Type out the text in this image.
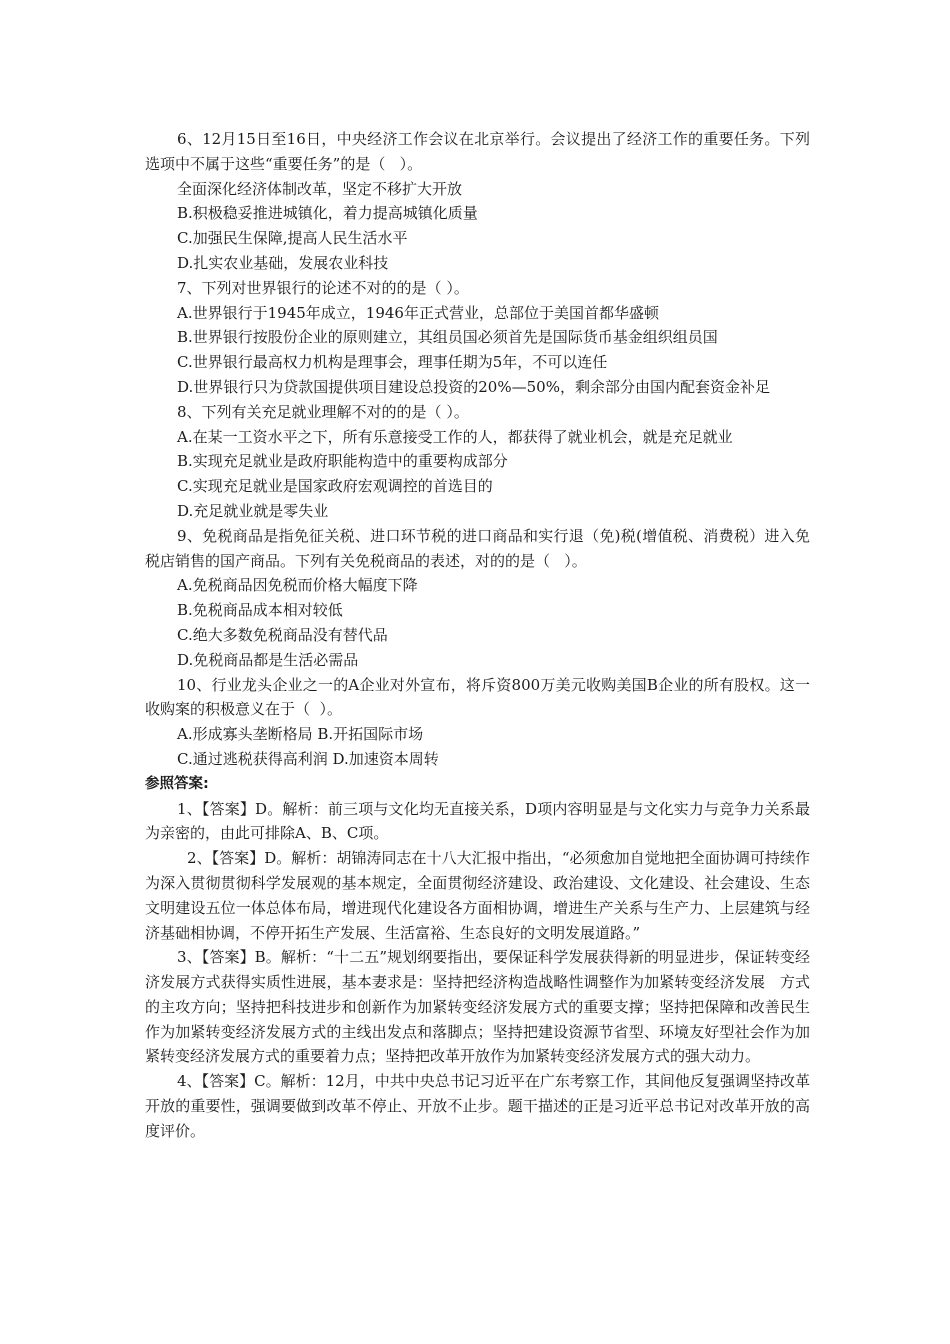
6、12月15日至16日，中央经济工作会议在北京举行。会议提出了经济工作的重要任务。下列选项中不属于这些“重要任务”的是（   ）。

全面深化经济体制改革，坚定不移扩大开放

B.积极稳妥推进城镇化，着力提高城镇化质量

C.加强民生保障,提高人民生活水平

D.扎实农业基础，发展农业科技

7、下列对世界银行的论述不对的的是（ ）。

A.世界银行于1945年成立，1946年正式营业，总部位于美国首都华盛顿

B.世界银行按股份企业的原则建立，其组员国必须首先是国际货币基金组织组员国

C.世界银行最高权力机构是理事会，理事任期为5年，不可以连任

D.世界银行只为贷款国提供项目建设总投资的20%—50%，剩余部分由国内配套资金补足

8、下列有关充足就业理解不对的的是（ ）。

A.在某一工资水平之下，所有乐意接受工作的人，都获得了就业机会，就是充足就业

B.实现充足就业是政府职能构造中的重要构成部分

C.实现充足就业是国家政府宏观调控的首选目的

D.充足就业就是零失业

9、免税商品是指免征关税、进口环节税的进口商品和实行退（免)税(增值税、消费税）进入免税店销售的国产商品。下列有关免税商品的表述，对的的是（   ）。

A.免税商品因免税而价格大幅度下降

B.免税商品成本相对较低

C.绝大多数免税商品没有替代品

D.免税商品都是生活必需品

10、行业龙头企业之一的A企业对外宣布，将斥资800万美元收购美国B企业的所有股权。这一收购案的积极意义在于（  ）。

A.形成寡头垄断格局 B.开拓国际市场

C.通过逃税获得高利润 D.加速资本周转

参照答案:

1、【答案】D。解析：前三项与文化均无直接关系，D项内容明显是与文化实力与竞争力关系最为亲密的，由此可排除A、B、C项。

2、【答案】D。解析：胡锦涛同志在十八大汇报中指出，“必须愈加自觉地把全面协调可持续作为深入贯彻贯彻科学发展观的基本规定，全面贯彻经济建设、政治建设、文化建设、社会建设、生态文明建设五位一体总体布局，增进现代化建设各方面相协调，增进生产关系与生产力、上层建筑与经济基础相协调，不停开拓生产发展、生活富裕、生态良好的文明发展道路。”

3、【答案】B。解析：“十二五”规划纲要指出，要保证科学发展获得新的明显进步，保证转变经济发展方式获得实质性进展，基本妻求是：坚持把经济构造战略性调整作为加紧转变经济发展   方式的主攻方向；坚持把科技进步和创新作为加紧转变经济发展方式的重要支撑；坚持把保障和改善民生作为加紧转变经济发展方式的主线出发点和落脚点；坚持把建设资源节省型、环境友好型社会作为加紧转变经济发展方式的重要着力点；坚持把改革开放作为加紧转变经济发展方式的强大动力。

4、【答案】C。解析：12月，中共中央总书记习近平在广东考察工作，其间他反复强调坚持改革开放的重要性，强调要做到改革不停止、开放不止步。题干描述的正是习近平总书记对改革开放的高度评价。
